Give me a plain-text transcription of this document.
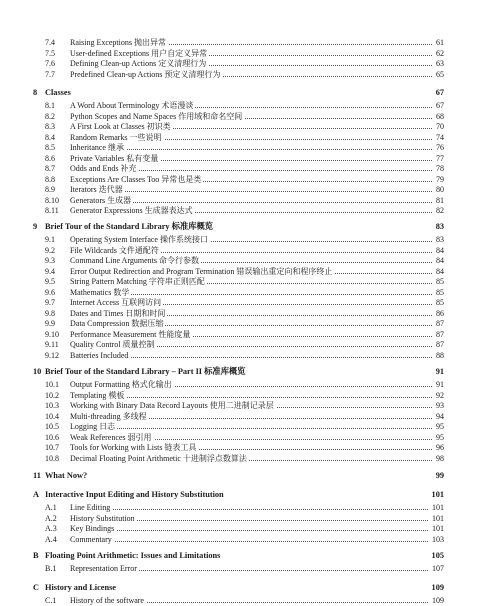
7.4 Raising Exceptions 抛出异常	61
7.5 User-defined Exceptions 用户自定义异常	62
7.6 Defining Clean-up Actions 定义清理行为	63
7.7 Predefined Clean-up Actions 预定义清理行为	65
8 Classes	67
8.1 A Word About Terminology 术语漫谈	67
8.2 Python Scopes and Name Spaces 作用域和命名空间	68
8.3 A First Look at Classes 初识类	70
8.4 Random Remarks 一些说明	74
8.5 Inheritance 继承	76
8.6 Private Variables 私有变量	77
8.7 Odds and Ends 补充	78
8.8 Exceptions Are Classes Too 异常也是类	79
8.9 Iterators 迭代器	80
8.10 Generators 生成器	81
8.11 Generator Expressions 生成器表达式	82
9 Brief Tour of the Standard Library 标准库概览	83
9.1 Operating System Interface 操作系统接口	83
9.2 File Wildcards 文件通配符	84
9.3 Command Line Arguments 命令行参数	84
9.4 Error Output Redirection and Program Termination 错误输出重定向和程序终止	84
9.5 String Pattern Matching 字符串正则匹配	85
9.6 Mathematics 数学	85
9.7 Internet Access 互联网访问	85
9.8 Dates and Times 日期和时间	86
9.9 Data Compression 数据压缩	87
9.10 Performance Measurement 性能度量	87
9.11 Quality Control 质量控制	87
9.12 Batteries Included	88
10 Brief Tour of the Standard Library – Part II 标准库概览	91
10.1 Output Formatting 格式化输出	91
10.2 Templating 模板	92
10.3 Working with Binary Data Record Layouts 使用二进制记录层	93
10.4 Multi-threading 多线程	94
10.5 Logging 日志	95
10.6 Weak References 弱引用	95
10.7 Tools for Working with Lists 链表工具	96
10.8 Decimal Floating Point Arithmetic 十进制浮点数算法	98
11 What Now?	99
A Interactive Input Editing and History Substitution	101
A.1 Line Editing	101
A.2 History Substitution	101
A.3 Key Bindings	101
A.4 Commentary	103
B Floating Point Arithmetic: Issues and Limitations	105
B.1 Representation Error	107
C History and License	109
C.1 History of the software	109
